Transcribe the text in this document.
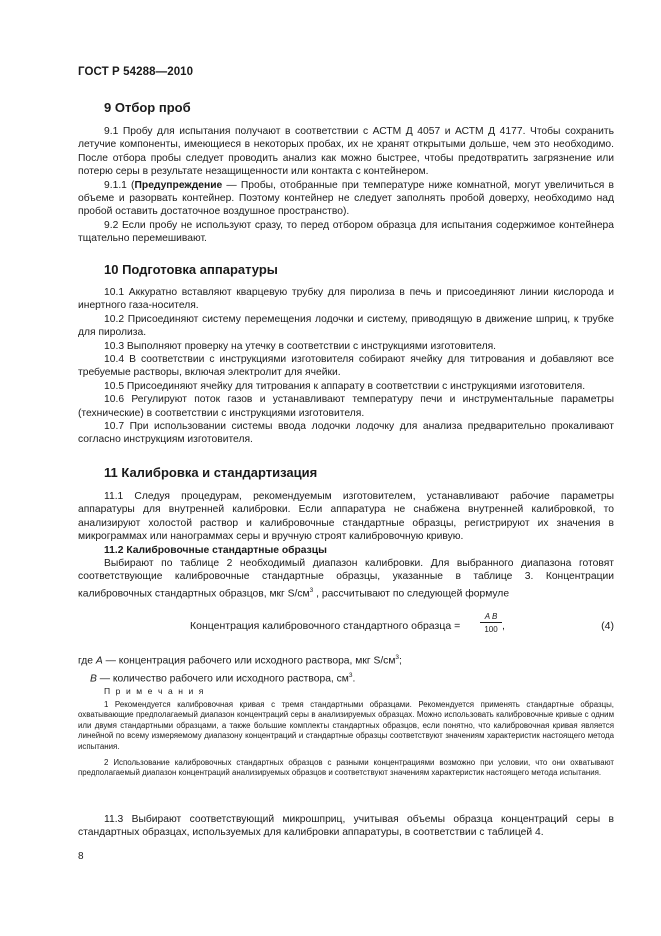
ГОСТ Р 54288—2010
9 Отбор проб

9.1 Пробу для испытания получают в соответствии с АСТМ Д 4057 и АСТМ Д 4177. Чтобы сохранить летучие компоненты, имеющиеся в некоторых пробах, их не хранят открытыми дольше, чем это необходимо. После отбора пробы следует проводить анализ как можно быстрее, чтобы предотвратить загрязнение или потерю серы в результате незащищенности или контакта с контейнером.

9.1.1 (Предупреждение — Пробы, отобранные при температуре ниже комнатной, могут увеличиться в объеме и разорвать контейнер. Поэтому контейнер не следует заполнять пробой доверху, необходимо над пробой оставить достаточное воздушное пространство).

9.2 Если пробу не используют сразу, то перед отбором образца для испытания содержимое контейнера тщательно перемешивают.

10 Подготовка аппаратуры

10.1 Аккуратно вставляют кварцевую трубку для пиролиза в печь и присоединяют линии кислорода и инертного газа-носителя.

10.2 Присоединяют систему перемещения лодочки и систему, приводящую в движение шприц, к трубке для пиролиза.

10.3 Выполняют проверку на утечку в соответствии с инструкциями изготовителя.

10.4 В соответствии с инструкциями изготовителя собирают ячейку для титрования и добавляют все требуемые растворы, включая электролит для ячейки.

10.5 Присоединяют ячейку для титрования к аппарату в соответствии с инструкциями изготовителя.

10.6 Регулируют поток газов и устанавливают температуру печи и инструментальные параметры (технические) в соответствии с инструкциями изготовителя.

10.7 При использовании системы ввода лодочки лодочку для анализа предварительно прокаливают согласно инструкциям изготовителя.

11 Калибровка и стандартизация

11.1 Следуя процедурам, рекомендуемым изготовителем, устанавливают рабочие параметры аппаратуры для внутренней калибровки. Если аппаратура не снабжена внутренней калибровкой, то анализируют холостой раствор и калибровочные стандартные образцы, регистрируют их значения в микрограммах или нанограммах серы и вручную строят калибровочную кривую.

11.2 Калибровочные стандартные образцы

Выбирают по таблице 2 необходимый диапазон калибровки. Для выбранного диапазона готовят соответствующие калибровочные стандартные образцы, указанные в таблице 3. Концентрации калибровочных стандартных образцов, мкг $S/см^3$ , рассчитывают по следующей формуле

Концентрация калибровочного стандартного образца = $\frac{\text{A B}}{100}$ ,	(4)

где A — концентрация рабочего или исходного раствора, мкг $S/см^3$;

B — количество рабочего или исходного раствора, $см^3$.

П р и м е ч а н и я

1 Рекомендуется калибровочная кривая с тремя стандартными образцами. Рекомендуется применять стандартные образцы, охватывающие предполагаемый диапазон концентраций серы в анализируемых образцах. Можно использовать калибровочные кривые с одним или двумя стандартными образцами, а также большие комплекты стандартных образцов, если понятно, что калибровочная кривая является линейной по всему измеряемому диапазону концентраций и стандартные образцы соответствуют значениям характеристик настоящего метода испытания.

2 Использование калибровочных стандартных образцов с разными концентрациями возможно при условии, что они охватывают предполагаемый диапазон концентраций анализируемых образцов и соответствуют значениям характеристик настоящего метода испытания.

11.3 Выбирают соответствующий микрошприц, учитывая объемы образца концентраций серы в стандартных образцах, используемых для калибровки аппаратуры, в соответствии с таблицей 4.

8
